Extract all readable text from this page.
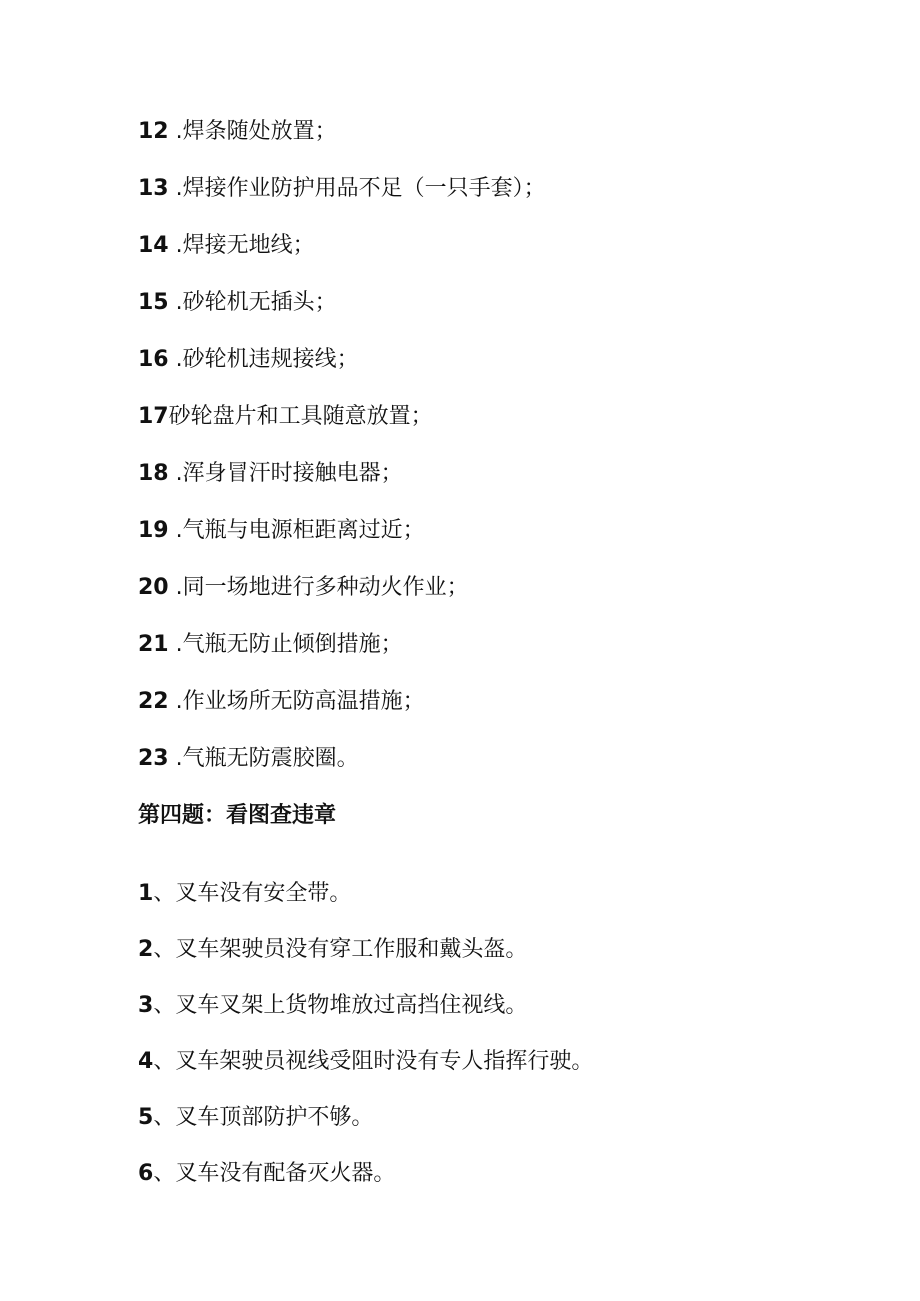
12 .焊条随处放置；
13 .焊接作业防护用品不足（一只手套）；
14 .焊接无地线；
15 .砂轮机无插头；
16 .砂轮机违规接线；
17砂轮盘片和工具随意放置；
18 .浑身冒汗时接触电器；
19 .气瓶与电源柜距离过近；
20 .同一场地进行多种动火作业；
21 .气瓶无防止倾倒措施；
22 .作业场所无防高温措施；
23 .气瓶无防震胶圈。
第四题：看图查违章
1、叉车没有安全带。
2、叉车架驶员没有穿工作服和戴头盔。
3、叉车叉架上货物堆放过高挡住视线。
4、叉车架驶员视线受阻时没有专人指挥行驶。
5、叉车顶部防护不够。
6、叉车没有配备灭火器。
